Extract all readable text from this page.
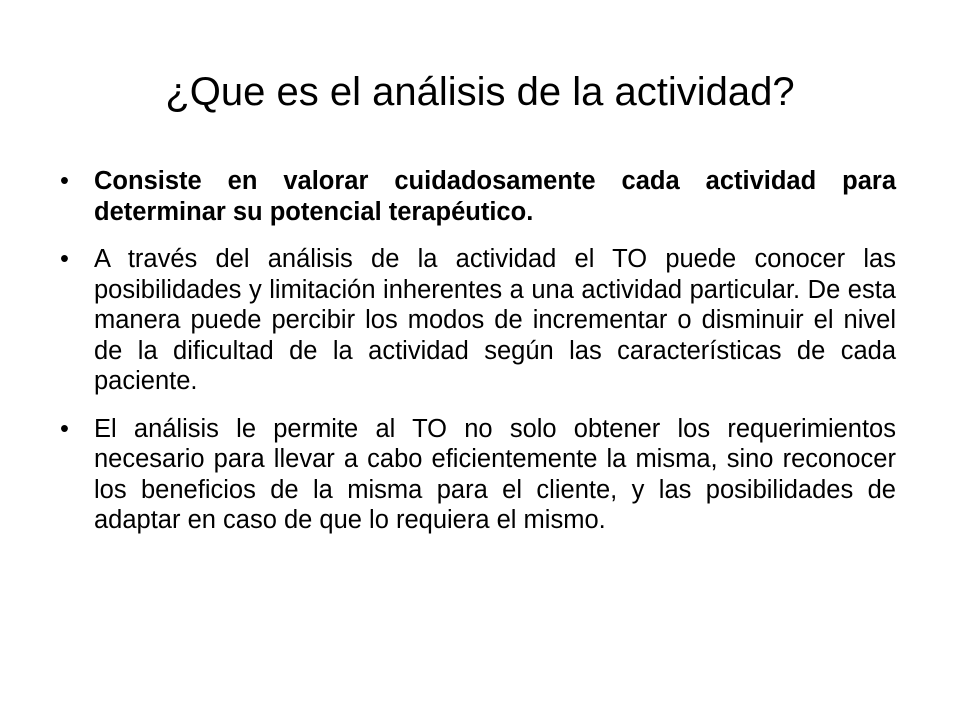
¿Que es el análisis de la actividad?
• Consiste en valorar cuidadosamente cada actividad para determinar su potencial terapéutico.
• A través del análisis de la actividad el TO puede conocer las posibilidades y limitación inherentes a una actividad particular. De esta manera puede percibir los modos de incrementar o disminuir el nivel de la dificultad de la actividad según las características de cada paciente.
• El análisis le permite al TO no solo obtener los requerimientos necesario para llevar a cabo eficientemente la misma, sino reconocer los beneficios de la misma para el cliente, y las posibilidades de adaptar en caso de que lo requiera el mismo.
